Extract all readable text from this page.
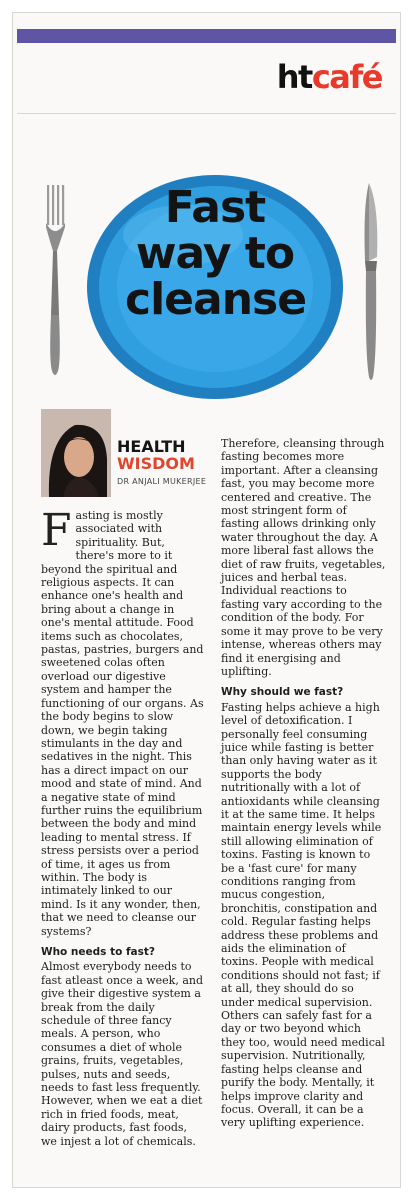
htcafé
Fast
way to
cleanse
HEALTH
WISDOM
DR ANJALI MUKERJEE

Fasting is mostly associated with spirituality. But, there's more to it beyond the spiritual and religious aspects. It can enhance one's health and bring about a change in one's mental attitude. Food items such as chocolates, pastas, pastries, burgers and sweetened colas often overload our digestive system and hamper the functioning of our organs. As the body begins to slow down, we begin taking stimulants in the day and sedatives in the night. This has a direct impact on our mood and state of mind. And a negative state of mind further ruins the equilibrium between the body and mind leading to mental stress. If stress persists over a period of time, it ages us from within. The body is intimately linked to our mind. Is it any wonder, then, that we need to cleanse our systems?

Who needs to fast?

Almost everybody needs to fast atleast once a week, and give their digestive system a break from the daily schedule of three fancy meals. A person, who consumes a diet of whole grains, fruits, vegetables, pulses, nuts and seeds, needs to fast less frequently. However, when we eat a diet rich in fried foods, meat, dairy products, fast foods, we injest a lot of chemicals.

Therefore, cleansing through fasting becomes more important. After a cleansing fast, you may become more centered and creative. The most stringent form of fasting allows drinking only water throughout the day. A more liberal fast allows the diet of raw fruits, vegetables, juices and herbal teas. Individual reactions to fasting vary according to the condition of the body. For some it may prove to be very intense, whereas others may find it energising and uplifting.

Why should we fast?

Fasting helps achieve a high level of detoxification. I personally feel consuming juice while fasting is better than only having water as it supports the body nutritionally with a lot of antioxidants while cleansing it at the same time. It helps maintain energy levels while still allowing elimination of toxins. Fasting is known to be a 'fast cure' for many conditions ranging from mucus congestion, bronchitis, constipation and cold. Regular fasting helps address these problems and aids the elimination of toxins. People with medical conditions should not fast; if at all, they should do so under medical supervision. Others can safely fast for a day or two beyond which they too, would need medical supervision. Nutritionally, fasting helps cleanse and purify the body. Mentally, it helps improve clarity and focus. Overall, it can be a very uplifting experience.
